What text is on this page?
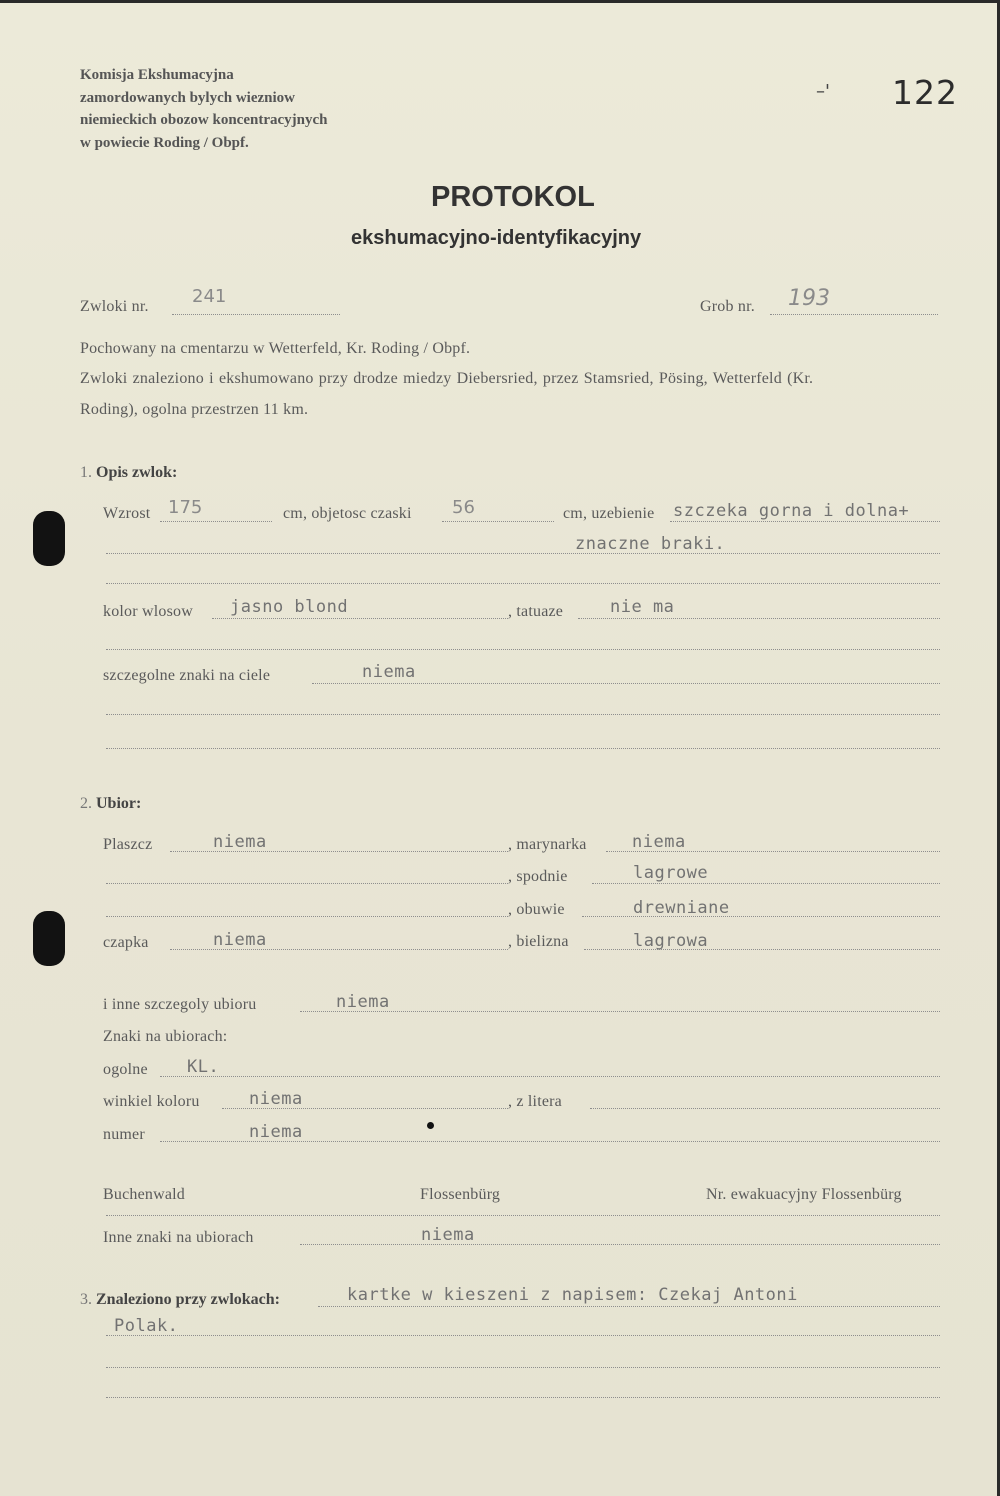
Komisja Ekshumacyjna
zamordowanych bylych wiezniow
niemieckich obozow koncentracyjnych
w powiecie Roding / Obpf.
–' 122
PROTOKOL
ekshumacyjno-identyfikacyjny
Zwloki nr. 241	Grob nr. 193
Pochowany na cmentarzu w Wetterfeld, Kr. Roding / Obpf.
Zwloki znaleziono i ekshumowano przy drodze miedzy Diebersried, przez Stamsried, Pösing, Wetterfeld (Kr.
Roding), ogolna przestrzen 11 km.
1. Opis zwlok:
Wzrost 175	cm, objetosc czaski 56	cm, uzebienie szczeka gorna i dolna+
znaczne braki.
kolor wlosow jasno blond	, tatuaze	nie ma
szczegolne znaki na ciele	niema
2. Ubior:
Plaszcz	niema	, marynarka	niema
, spodnie	lagrowe
, obuwie	drewniane
czapka	niema	, bielizna	lagrowa
i inne szczegoly ubioru	niema
Znaki na ubiorach:
ogolne KL.
winkiel koloru	niema	, z litera
numer	niema
Buchenwald	Flossenbürg	Nr. ewakuacyjny Flossenbürg
Inne znaki na ubiorach	niema
3. Znaleziono przy zwlokach:	kartke w kieszeni z napisem: Czekaj Antoni
Polak.
